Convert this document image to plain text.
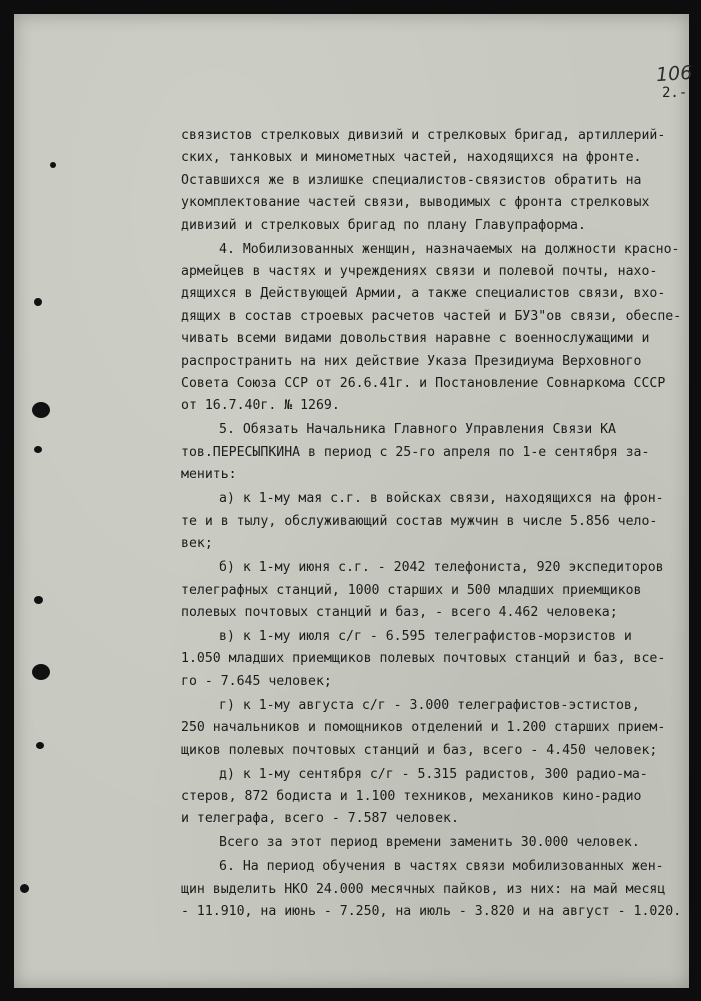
106
2.-
связистов стрелковых дивизий и стрелковых бригад, артиллерий-
ских, танковых и минометных частей, находящихся на фронте.
Оставшихся же в излишке специалистов-связистов обратить на
укомплектование частей связи, выводимых с фронта стрелковых
дивизий и стрелковых бригад по плану Главупраформа.
4. Мобилизованных женщин, назначаемых на должности красно-
армейцев в частях и учреждениях связи и полевой почты, нахо-
дящихся в Действующей Армии, а также специалистов связи, вхо-
дящих в состав строевых расчетов частей и БУЗ"ов связи, обеспе-
чивать всеми видами довольствия наравне с военнослужащими и
распространить на них действие Указа Президиума Верховного
Совета Союза ССР от 26.6.41г. и Постановление Совнаркома СССР
от 16.7.40г. № 1269.
5. Обязать Начальника Главного Управления Связи КА
тов.ПЕРЕСЫПКИНА в период с 25-го апреля по 1-е сентября за-
менить:
а) к 1-му мая с.г. в войсках связи, находящихся на фрон-
те и в тылу, обслуживающий состав мужчин в числе 5.856 чело-
век;
б) к 1-му июня с.г. - 2042 телефониста, 920 экспедиторов
телеграфных станций, 1000 старших и 500 младших приемщиков
полевых почтовых станций и баз, - всего 4.462 человека;
в) к 1-му июля с/г - 6.595 телеграфистов-морзистов и
1.050 младших приемщиков полевых почтовых станций и баз, все-
го - 7.645 человек;
г) к 1-му августа с/г - 3.000 телеграфистов-эстистов,
250 начальников и помощников отделений и 1.200 старших прием-
щиков полевых почтовых станций и баз, всего - 4.450 человек;
д) к 1-му сентября с/г - 5.315 радистов, 300 радио-ма-
стеров, 872 бодиста и 1.100 техников, механиков кино-радио
и телеграфа, всего - 7.587 человек.
Всего за этот период времени заменить 30.000 человек.
6. На период обучения в частях связи мобилизованных жен-
щин выделить НКО 24.000 месячных пайков, из них: на май месяц
- 11.910, на июнь - 7.250, на июль - 3.820 и на август - 1.020.
